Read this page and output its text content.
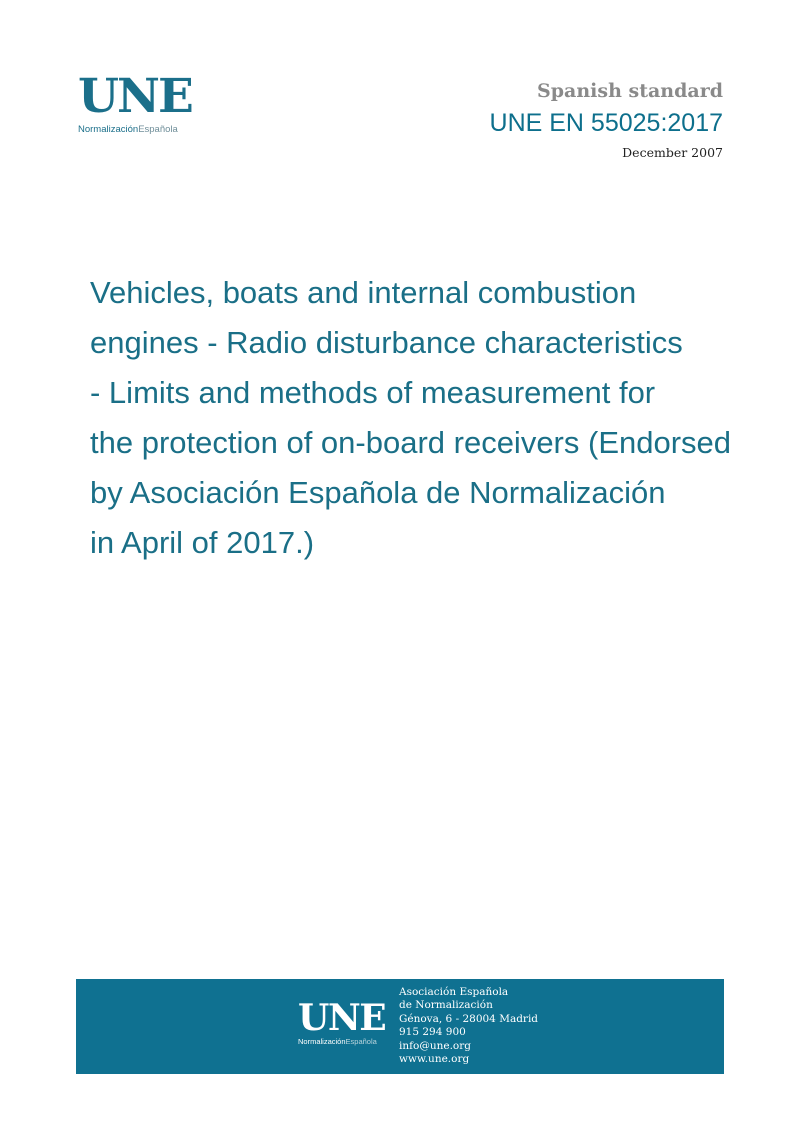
UNE
NormalizaciónEspañola
Spanish standard
UNE EN 55025:2017
December 2007
Vehicles, boats and internal combustion
engines - Radio disturbance characteristics
- Limits and methods of measurement for
the protection of on-board receivers (Endorsed
by Asociación Española de Normalización
in April of 2017.)
UNE
NormalizaciónEspañola
Asociación Española
de Normalización
Génova, 6 - 28004 Madrid
915 294 900
info@une.org
www.une.org
